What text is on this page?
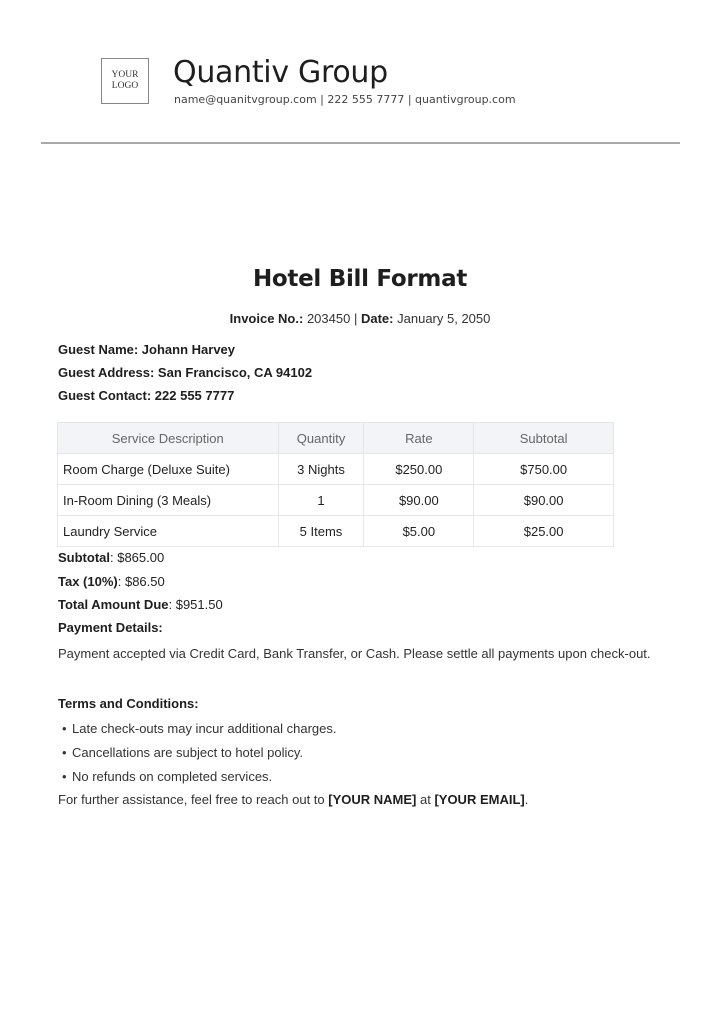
YOUR
LOGO Quantiv Group
name@quanitvgroup.com | 222 555 7777 | quantivgroup.com
Hotel Bill Format
Invoice No.: 203450 | Date: January 5, 2050
Guest Name: Johann Harvey
Guest Address: San Francisco, CA 94102
Guest Contact: 222 555 7777
Service Description	Quantity	Rate	Subtotal
Room Charge (Deluxe Suite)	3 Nights	$250.00	$750.00
In-Room Dining (3 Meals)	1	$90.00	$90.00
Laundry Service	5 Items	$5.00	$25.00
Subtotal: $865.00
Tax (10%): $86.50
Total Amount Due: $951.50
Payment Details:
Payment accepted via Credit Card, Bank Transfer, or Cash. Please settle all payments upon check-out.
Terms and Conditions:
• Late check-outs may incur additional charges.
• Cancellations are subject to hotel policy.
• No refunds on completed services.
For further assistance, feel free to reach out to [YOUR NAME] at [YOUR EMAIL].
